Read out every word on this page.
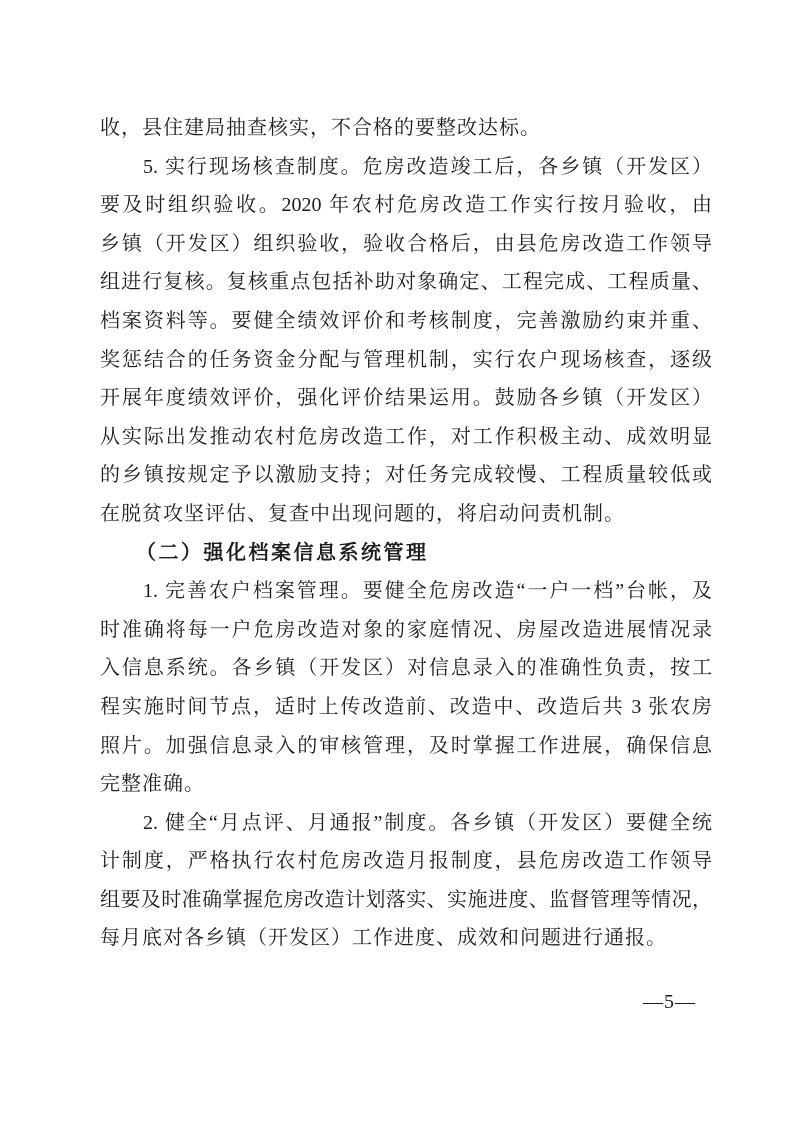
收，县住建局抽查核实，不合格的要整改达标。
5. 实行现场核查制度。危房改造竣工后，各乡镇（开发区）
要及时组织验收。2020 年农村危房改造工作实行按月验收，由
乡镇（开发区）组织验收，验收合格后，由县危房改造工作领导
组进行复核。复核重点包括补助对象确定、工程完成、工程质量、
档案资料等。要健全绩效评价和考核制度，完善激励约束并重、
奖惩结合的任务资金分配与管理机制，实行农户现场核查，逐级
开展年度绩效评价，强化评价结果运用。鼓励各乡镇（开发区）
从实际出发推动农村危房改造工作，对工作积极主动、成效明显
的乡镇按规定予以激励支持；对任务完成较慢、工程质量较低或
在脱贫攻坚评估、复查中出现问题的，将启动问责机制。
（二）强化档案信息系统管理
1. 完善农户档案管理。要健全危房改造“一户一档”台帐，及
时准确将每一户危房改造对象的家庭情况、房屋改造进展情况录
入信息系统。各乡镇（开发区）对信息录入的准确性负责，按工
程实施时间节点，适时上传改造前、改造中、改造后共 3 张农房
照片。加强信息录入的审核管理，及时掌握工作进展，确保信息
完整准确。
2. 健全“月点评、月通报”制度。各乡镇（开发区）要健全统
计制度，严格执行农村危房改造月报制度，县危房改造工作领导
组要及时准确掌握危房改造计划落实、实施进度、监督管理等情况，
每月底对各乡镇（开发区）工作进度、成效和问题进行通报。
—5—
